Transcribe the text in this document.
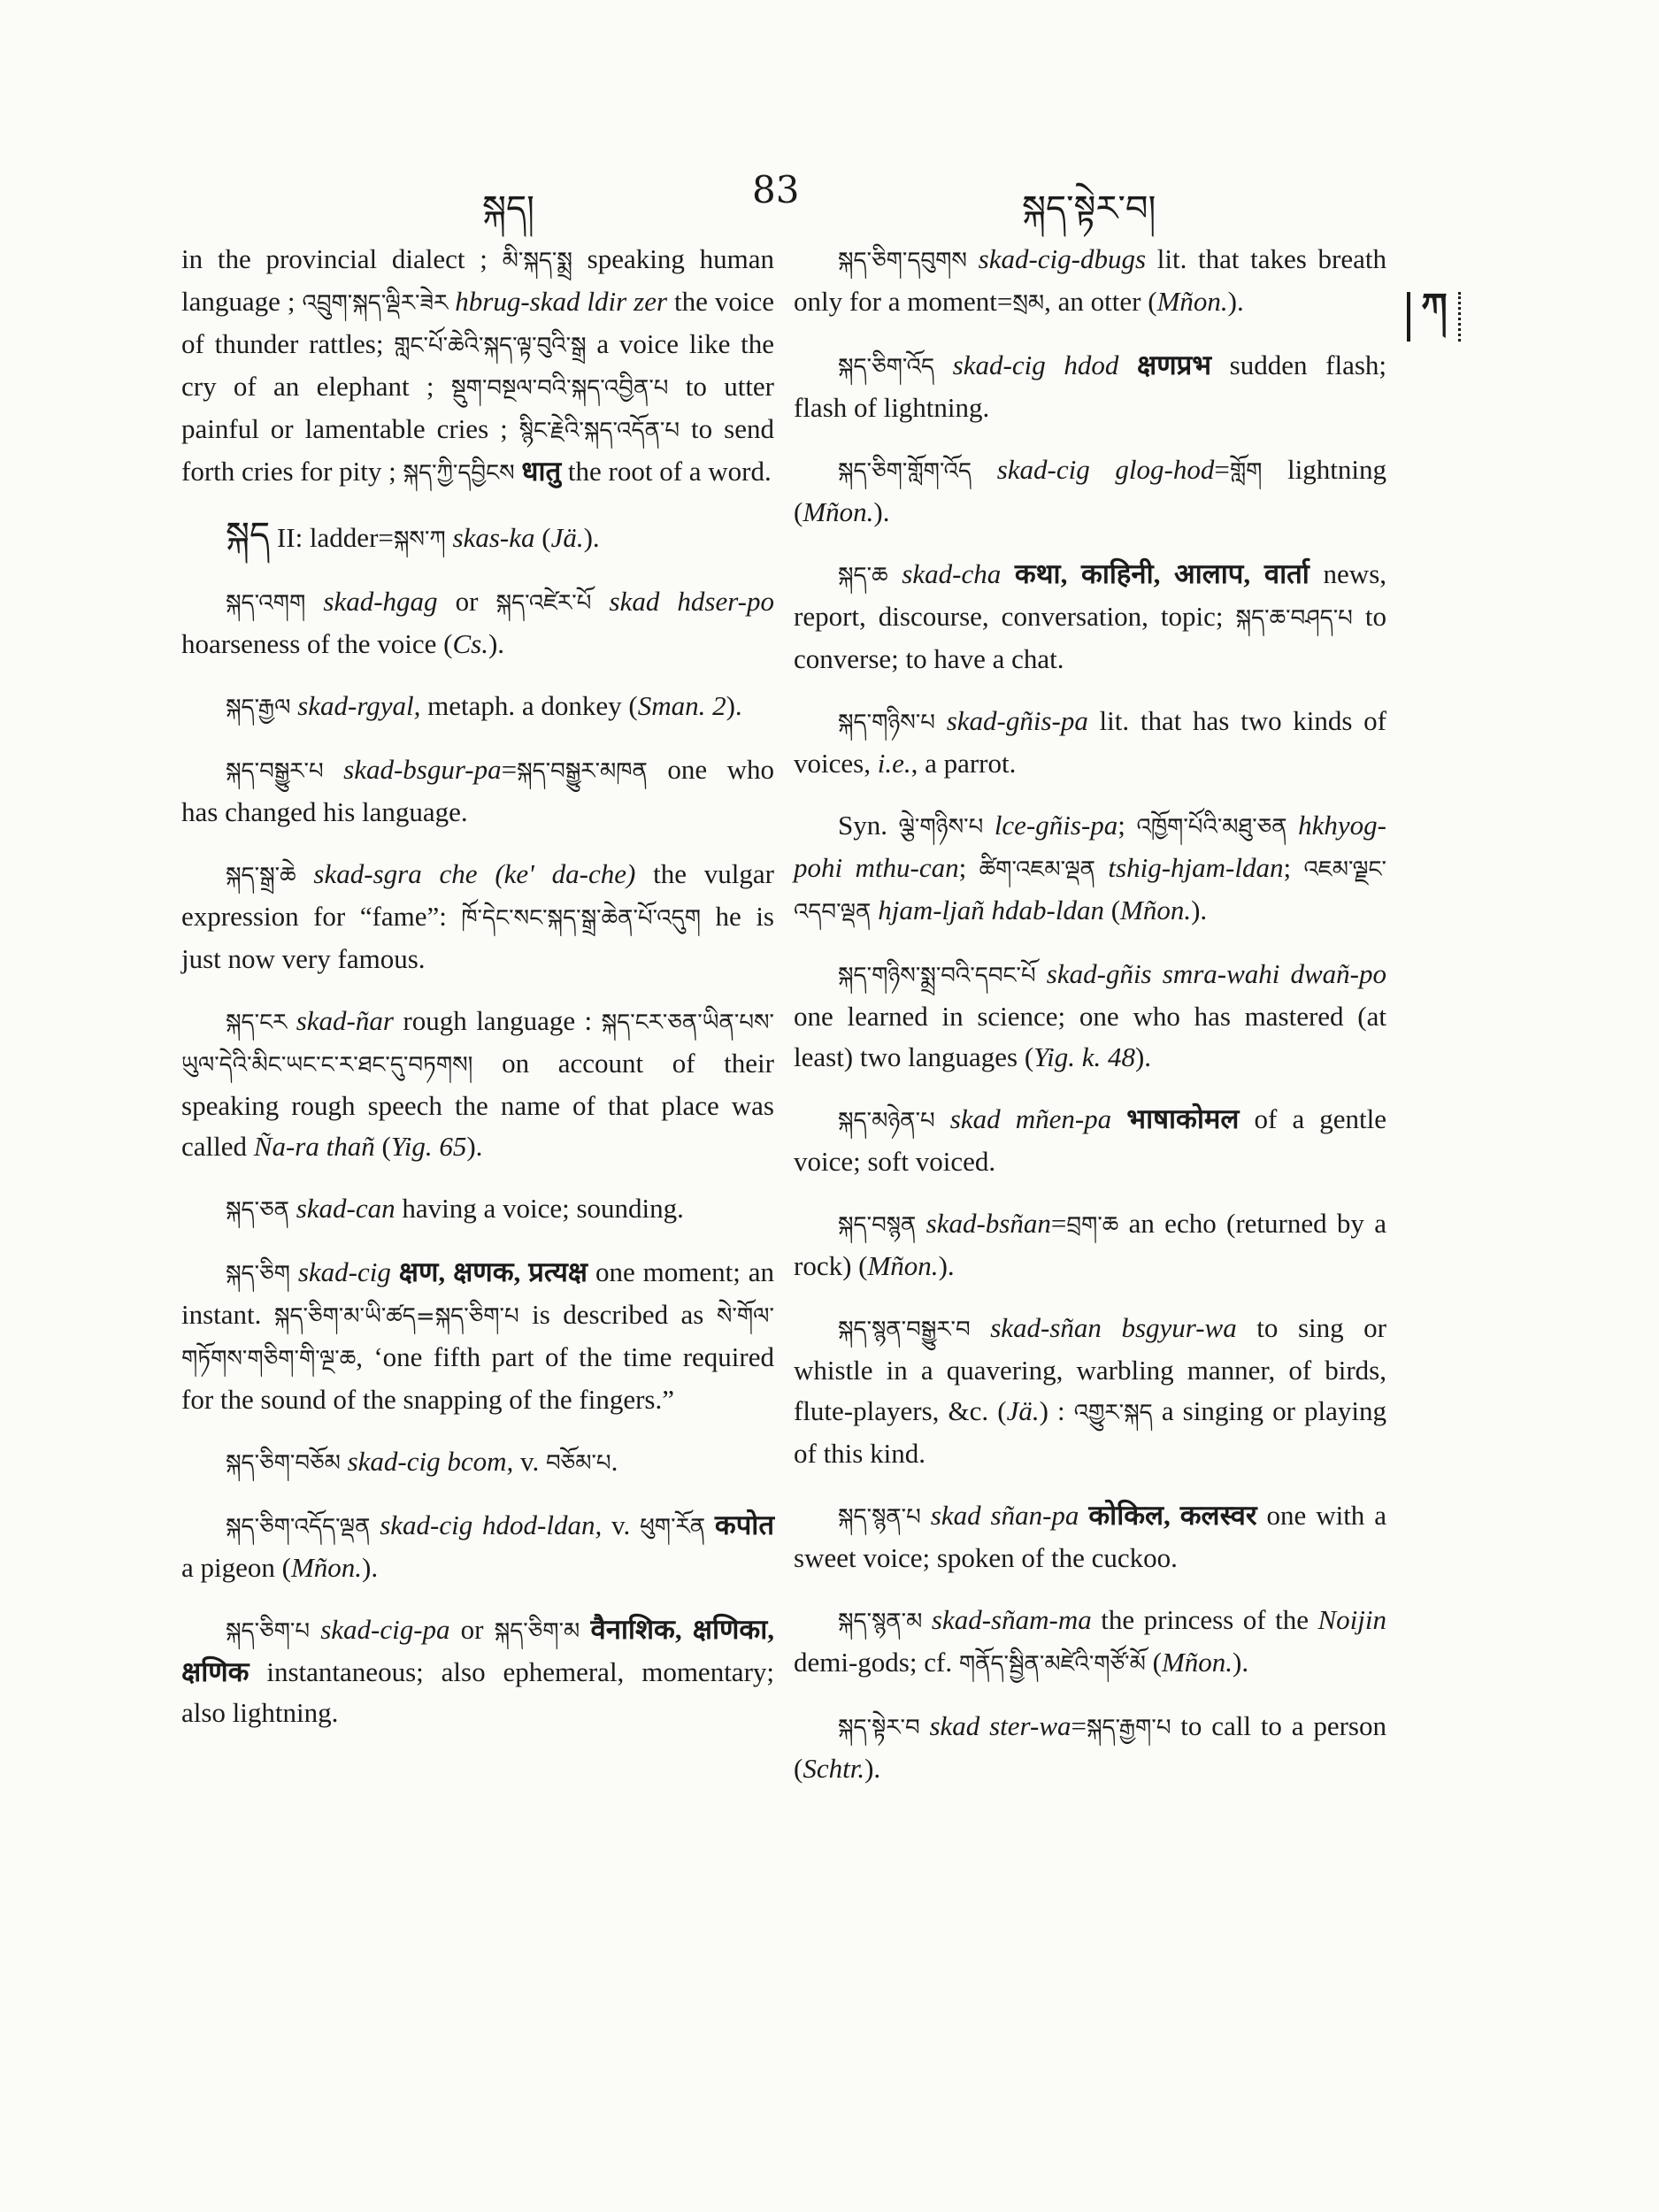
སྐད།	83	སྐད་སྟེར་བ།
ཀ

in the provincial dialect ; མི་སྐད་སྨྲ speaking human language ; འབྲུག་སྐད་ལྡིར་ཟེར hbrug-skad ldir zer the voice of thunder rattles; གླང་པོ་ཆེའི་སྐད་ལྟ་བུའི་སྒྲ a voice like the cry of an elephant ; སྡུག་བསྔལ་བའི་སྐད་འབྱིན་པ to utter painful or lamentable cries ; སྙིང་རྗེའི་སྐད་འདོན་པ to send forth cries for pity ; སྐད་ཀྱི་དབྱིངས धातु the root of a word.

སྐད II: ladder=སྐས་ཀ skas-ka (Jä.).

སྐད་འགག skad-hgag or སྐད་འཛེར་པོ skad hdser-po hoarseness of the voice (Cs.).

སྐད་རྒྱལ skad-rgyal, metaph. a donkey (Sman. 2).

སྐད་བསྒྱུར་པ skad-bsgur-pa=སྐད་བསྒྱུར་མཁན one who has changed his language.

སྐད་སྒྲ་ཆེ skad-sgra che (ke' da-che) the vulgar expression for “fame”: ཁོ་དེང་སང་སྐད་སྒྲ་ཆེན་པོ་འདུག he is just now very famous.

སྐད་ངར skad-ñar rough language : སྐད་ངར་ཅན་ཡིན་པས་ཡུལ་དེའི་མིང་ཡང་ང་ར་ཐང་དུ་བཏགས། on account of their speaking rough speech the name of that place was called Ña-ra thañ (Yig. 65).

སྐད་ཅན skad-can having a voice; sounding.

སྐད་ཅིག skad-cig क्षण, क्षणक, प्रत्यक्ष one moment; an instant. སྐད་ཅིག་མ་ཡི་ཚད=སྐད་ཅིག་པ is described as སེ་གོལ་གཏོགས་གཅིག་གི་ལྔ་ཆ, ‘one fifth part of the time required for the sound of the snapping of the fingers.”

སྐད་ཅིག་བཅོམ skad-cig bcom, v. བཅོམ་པ.

སྐད་ཅིག་འདོད་ལྡན skad-cig hdod-ldan, v. ཕུག་རོན कपोत a pigeon (Mñon.).

སྐད་ཅིག་པ skad-cig-pa or སྐད་ཅིག་མ वैनाशिक, क्षणिका, क्षणिक instantaneous; also ephemeral, momentary; also lightning.

སྐད་ཅིག་དབུགས skad-cig-dbugs lit. that takes breath only for a moment=སྲམ, an otter (Mñon.).

སྐད་ཅིག་འོད skad-cig hdod क्षणप्रभ sudden flash; flash of lightning.

སྐད་ཅིག་གློག་འོད skad-cig glog-hod=གློག lightning (Mñon.).

སྐད་ཆ skad-cha कथा, काहिनी, आलाप, वार्ता news, report, discourse, conversation, topic; སྐད་ཆ་བཤད་པ to converse; to have a chat.

སྐད་གཉིས་པ skad-gñis-pa lit. that has two kinds of voices, i.e., a parrot.

Syn. ལྕེ་གཉིས་པ lce-gñis-pa; འཁྱོག་པོའི་མཐུ་ཅན hkhyog-pohi mthu-can; ཚིག་འཇམ་ལྡན tshig-hjam-ldan; འཇམ་ལྗང་འདབ་ལྡན hjam-ljañ hdab-ldan (Mñon.).

སྐད་གཉིས་སྨྲ་བའི་དབང་པོ skad-gñis smra-wahi dwañ-po one learned in science; one who has mastered (at least) two languages (Yig. k. 48).

སྐད་མཉེན་པ skad mñen-pa भाषाकोमल of a gentle voice; soft voiced.

སྐད་བསྙན skad-bsñan=བྲག་ཆ an echo (returned by a rock) (Mñon.).

སྐད་སྙན་བསྒྱུར་བ skad-sñan bsgyur-wa to sing or whistle in a quavering, warbling manner, of birds, flute-players, &c. (Jä.) : འགྱུར་སྐད a singing or playing of this kind.

སྐད་སྙན་པ skad sñan-pa कोकिल, कलस्वर one with a sweet voice; spoken of the cuckoo.

སྐད་སྙན་མ skad-sñam-ma the princess of the Noijin demi-gods; cf. གནོད་སྦྱིན་མཛེའི་གཙོ་མོ (Mñon.).

སྐད་སྟེར་བ skad ster-wa=སྐད་རྒྱག་པ to call to a person (Schtr.).
